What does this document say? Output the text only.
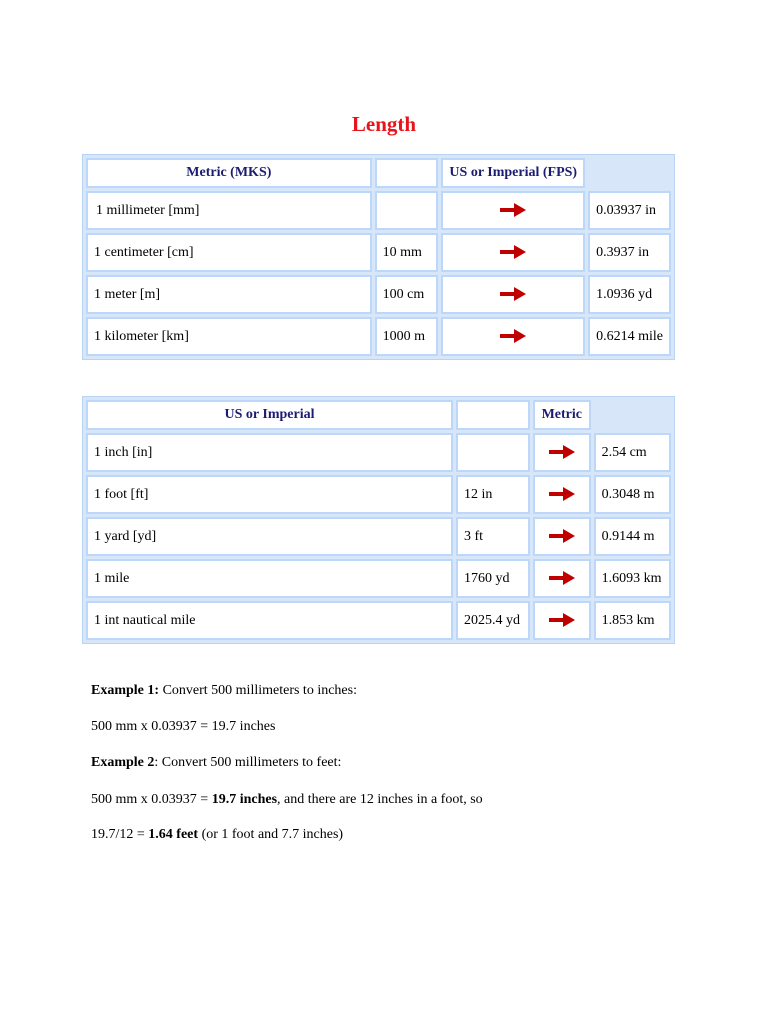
Length
Metric (MKS)		US or Imperial (FPS)	
1 millimeter [mm]			0.03937 in
1 centimeter [cm]	10 mm		0.3937 in
1 meter [m]	100 cm		1.0936 yd
1 kilometer [km]	1000 m		0.6214 mile
US or Imperial		Metric	
1 inch [in]			2.54 cm
1 foot [ft]	12 in		0.3048 m
1 yard [yd]	3 ft		0.9144 m
1 mile	1760 yd		1.6093 km
1 int nautical mile	2025.4 yd		1.853 km
Example 1: Convert 500 millimeters to inches:
500 mm x 0.03937 = 19.7 inches
Example 2: Convert 500 millimeters to feet:
500 mm x 0.03937 = 19.7 inches, and there are 12 inches in a foot, so
19.7/12 = 1.64 feet (or 1 foot and 7.7 inches)
